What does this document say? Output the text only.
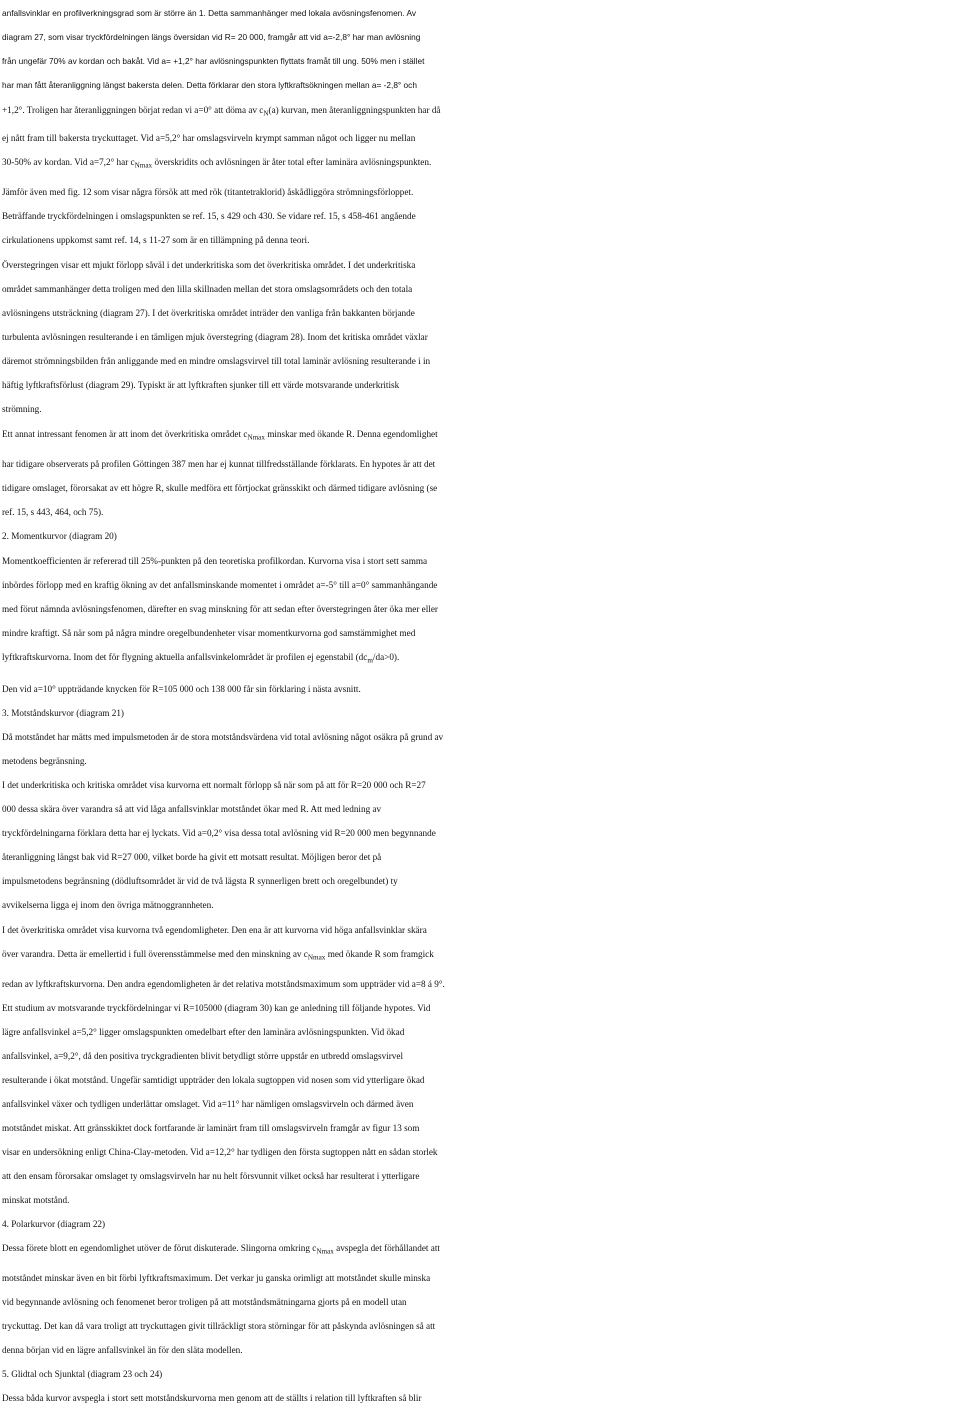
anfallsvinklar en profilverkningsgrad som är större än 1. Detta sammanhänger med lokala avösningsfenomen. Av
diagram 27, som visar tryckfördelningen längs översidan vid R= 20 000, framgår att vid a=-2,8° har man avlösning
från ungefär 70% av kordan och bakåt. Vid a= +1,2° har avlösningspunkten flyttats framåt till ung. 50% men i stället
har man fått återanliggning längst bakersta delen. Detta förklarar den stora lyftkraftsökningen mellan a= -2,8° och
+1,2°. Troligen har återanliggningen börjat redan vi a=0° att döma av $c_N(a)$ kurvan, men återanliggningspunkten har då
ej nått fram till bakersta tryckuttaget. Vid a=5,2° har omslagsvirveln krympt samman något och ligger nu mellan
30-50% av kordan. Vid a=7,2° har $c_{Nmax}$ överskridits och avlösningen är åter total efter laminära avlösningspunkten.
Jämför även med fig. 12 som visar några försök att med rök (titantetraklorid) åskådliggöra strömningsförloppet.
Beträffande tryckfördelningen i omslagspunkten se ref. 15, s 429 och 430. Se vidare ref. 15, s 458-461 angående
cirkulationens uppkomst samt ref. 14, s 11-27 som är en tillämpning på denna teori.
Överstegringen visar ett mjukt förlopp såväl i det underkritiska som det överkritiska området. I det underkritiska
området sammanhänger detta troligen med den lilla skillnaden mellan det stora omslagsområdets och den totala
avlösningens utsträckning (diagram 27). I det överkritiska området inträder den vanliga från bakkanten börjande
turbulenta avlösningen resulterande i en tämligen mjuk överstegring (diagram 28). Inom det kritiska området växlar
däremot strömningsbilden från anliggande med en mindre omslagsvirvel till total laminär avlösning resulterande i in
häftig lyftkraftsförlust (diagram 29). Typiskt är att lyftkraften sjunker till ett värde motsvarande underkritisk
strömning.
Ett annat intressant fenomen är att inom det överkritiska området $c_{Nmax}$ minskar med ökande R. Denna egendomlighet
har tidigare observerats på profilen Göttingen 387 men har ej kunnat tillfredsställande förklarats. En hypotes är att det
tidigare omslaget, förorsakat av ett högre R, skulle medföra ett förtjockat gränsskikt och därmed tidigare avlösning (se
ref. 15, s 443, 464, och 75).
2. Momentkurvor (diagram 20)
Momentkoefficienten är refererad till 25%-punkten på den teoretiska profilkordan. Kurvorna visa i stort sett samma
inbördes förlopp med en kraftig ökning av det anfallsminskande momentet i området a=-5° till a=0° sammanhängande
med förut nämnda avlösningsfenomen, därefter en svag minskning för att sedan efter överstegringen åter öka mer eller
mindre kraftigt. Så när som på några mindre oregelbundenheter visar momentkurvorna god samstämmighet med
lyftkraftskurvorna. Inom det för flygning aktuella anfallsvinkelområdet är profilen ej egenstabil $(dc_m/da>0)$.
Den vid a=10° uppträdande knycken för R=105 000 och 138 000 får sin förklaring i nästa avsnitt.
3. Motståndskurvor (diagram 21)
Då motståndet har mätts med impulsmetoden är de stora motståndsvärdena vid total avlösning något osäkra på grund av
metodens begränsning.
I det underkritiska och kritiska området visa kurvorna ett normalt förlopp så när som på att för R=20 000 och R=27
000 dessa skära över varandra så att vid låga anfallsvinklar motståndet ökar med R. Att med ledning av
tryckfördelningarna förklara detta har ej lyckats. Vid a=0,2° visa dessa total avlösning vid R=20 000 men begynnande
återanliggning längst bak vid R=27 000, vilket borde ha givit ett motsatt resultat. Möjligen beror det på
impulsmetodens begränsning (dödluftsområdet är vid de två lägsta R synnerligen brett och oregelbundet) ty
avvikelserna ligga ej inom den övriga mätnoggrannheten.
I det överkritiska området visa kurvorna två egendomligheter. Den ena är att kurvorna vid höga anfallsvinklar skära
över varandra. Detta är emellertid i full överensstämmelse med den minskning av $c_{Nmax}$ med ökande R som framgick
redan av lyftkraftskurvorna. Den andra egendomligheten är det relativa motståndsmaximum som uppträder vid a=8 á 9°.
Ett studium av motsvarande tryckfördelningar vi R=105000 (diagram 30) kan ge anledning till följande hypotes. Vid
lägre anfallsvinkel a=5,2° ligger omslagspunkten omedelbart efter den laminära avlösningspunkten. Vid ökad
anfallsvinkel, a=9,2°, då den positiva tryckgradienten blivit betydligt större uppstår en utbredd omslagsvirvel
resulterande i ökat motstånd. Ungefär samtidigt uppträder den lokala sugtoppen vid nosen som vid ytterligare ökad
anfallsvinkel växer och tydligen underlättar omslaget. Vid a=11° har nämligen omslagsvirveln och därmed även
motståndet miskat. Att gränsskiktet dock fortfarande är laminärt fram till omslagsvirveln framgår av figur 13 som
visar en undersökning enligt China-Clay-metoden. Vid a=12,2° har tydligen den första sugtoppen nått en sådan storlek
att den ensam förorsakar omslaget ty omslagsvirveln har nu helt försvunnit vilket också har resulterat i ytterligare
minskat motstånd.
4. Polarkurvor (diagram 22)
Dessa förete blott en egendomlighet utöver de förut diskuterade. Slingorna omkring $c_{Nmax}$ avspegla det förhållandet att
motståndet minskar även en bit förbi lyftkraftsmaximum. Det verkar ju ganska orimligt att motståndet skulle minska
vid begynnande avlösning och fenomenet beror troligen på att motståndsmätningarna gjorts på en modell utan
tryckuttag. Det kan då vara troligt att tryckuttagen givit tillräckligt stora störningar för att påskynda avlösningen så att
denna början vid en lägre anfallsvinkel än för den släta modellen.
5. Glidtal och Sjunktal (diagram 23 och 24)
Dessa båda kurvor avspegla i stort sett motståndskurvorna men genom att de ställts i relation till lyftkraften så blir
